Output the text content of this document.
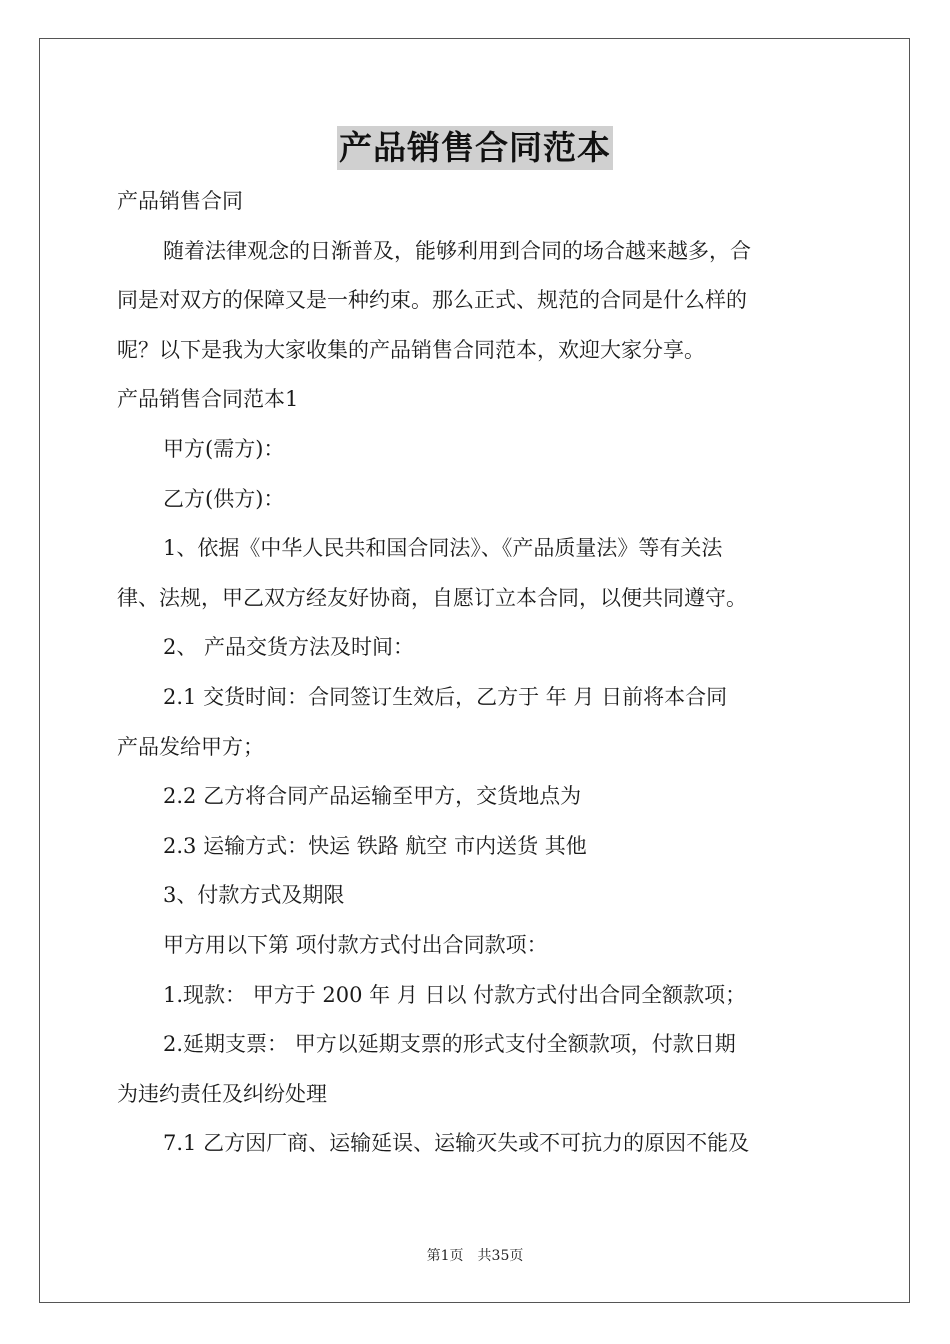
产品销售合同范本

产品销售合同

随着法律观念的日渐普及，能够利用到合同的场合越来越多，合

同是对双方的保障又是一种约束。那么正式、规范的合同是什么样的

呢？以下是我为大家收集的产品销售合同范本，欢迎大家分享。

产品销售合同范本1

甲方(需方)：

乙方(供方)：

1、依据《中华人民共和国合同法》、《产品质量法》等有关法

律、法规，甲乙双方经友好协商，自愿订立本合同，以便共同遵守。

2、 产品交货方法及时间：

2.1 交货时间：合同签订生效后，乙方于 年 月 日前将本合同

产品发给甲方；

2.2 乙方将合同产品运输至甲方，交货地点为

2.3 运输方式：快运 铁路 航空 市内送货 其他

3、付款方式及期限

甲方用以下第 项付款方式付出合同款项：

1.现款： 甲方于 200 年 月 日以 付款方式付出合同全额款项；

2.延期支票： 甲方以延期支票的形式支付全额款项，付款日期

为违约责任及纠纷处理

7.1 乙方因厂商、运输延误、运输灭失或不可抗力的原因不能及

第1页　共35页
